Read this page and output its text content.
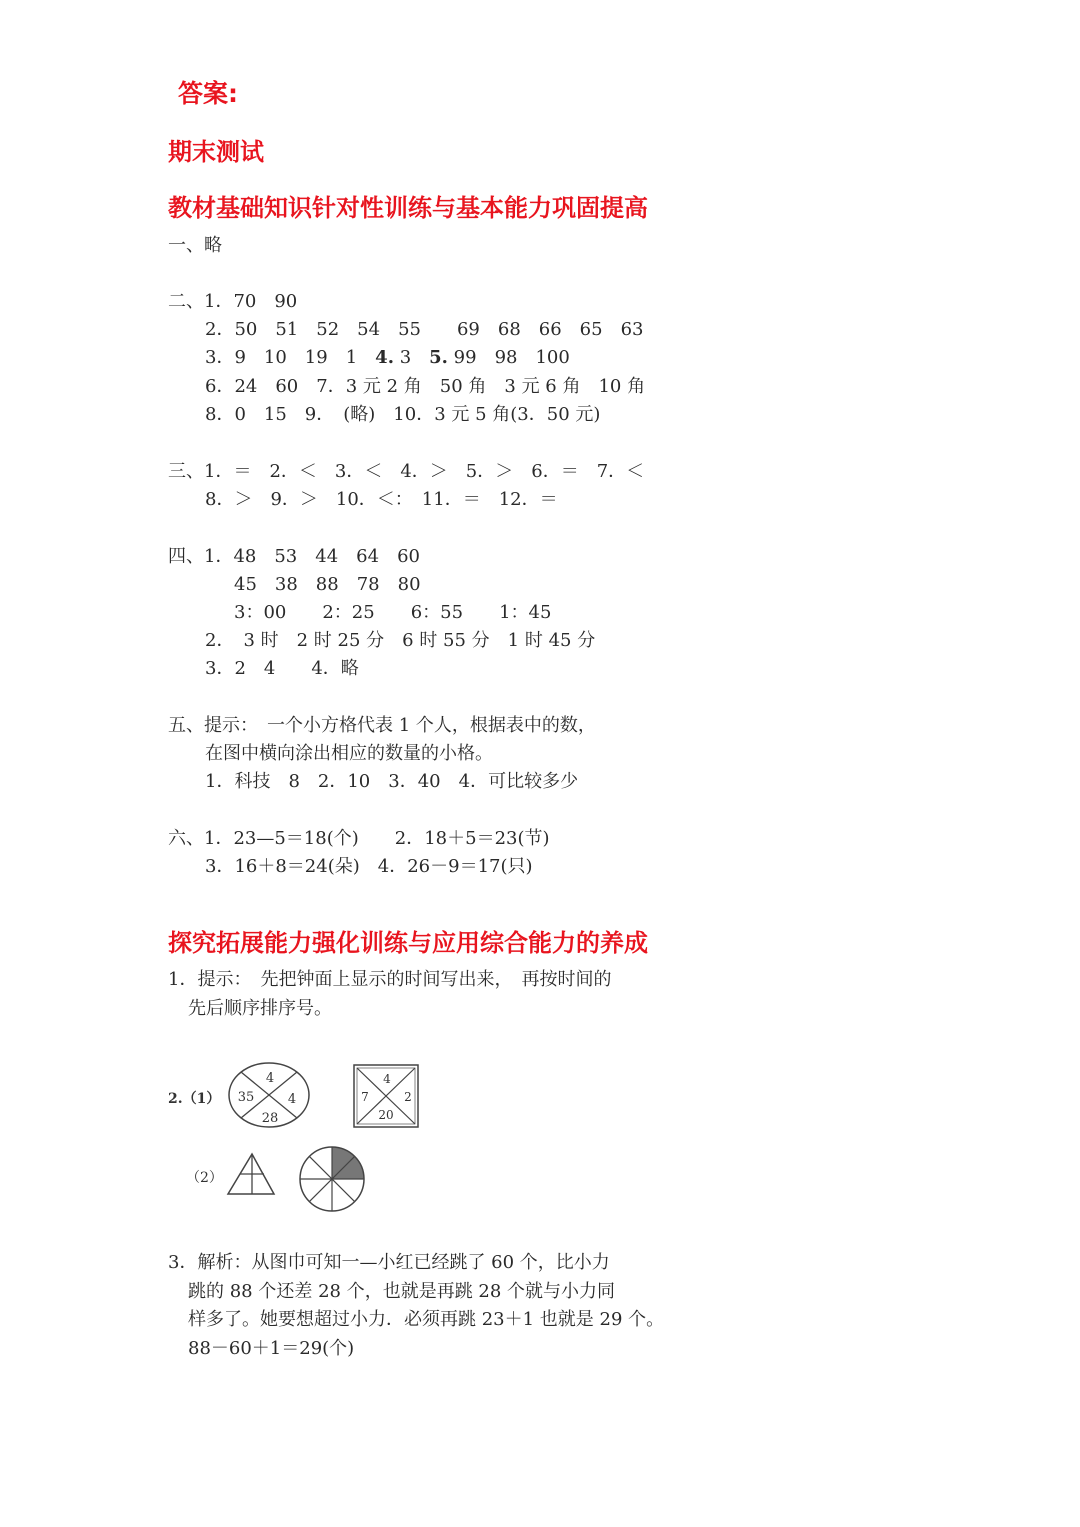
答案:
期末测试
教材基础知识针对性训练与基本能力巩固提高
一、略
二、1．70　90
2．50　51　52　54　55　　69　68　66　65　63
3．9　10　19　1　4. 3　5. 99　98　100
6．24　60　7．3 元 2 角　50 角　3 元 6 角　10 角
8．0　15　9．　(略)　10．3 元 5 角(3．50 元)
三、1．＝　2．＜　3．＜　4．＞　5．＞　6．＝　7．＜
8．＞　9．＞　10．＜：　11．＝　12．＝
四、1．48　53　44　64　60
45　38　88　78　80
3：00　　2：25　　6：55　　1：45
2．　3 时　2 时 25 分　6 时 55 分　1 时 45 分
3．2　4　　4．略
五、提示：　一个小方格代表 1 个人，根据表中的数，
在图中横向涂出相应的数量的小格。
1．科技　8　2．10　3．40　4．可比较多少
六、1．23—5＝18(个)　　2．18＋5＝23(节)
3．16＋8＝24(朵)　4．26－9＝17(只)
探究拓展能力强化训练与应用综合能力的养成
1．提示：　先把钟面上显示的时间写出来，　再按时间的
先后顺序排序号。
2.（1）
（2）
4
35	4
28
4
7	2
20
3．解析：从图巾可知一—小红已经跳了 60 个，比小力
跳的 88 个还差 28 个，也就是再跳 28 个就与小力同
样多了。她要想超过小力．必须再跳 23＋1 也就是 29 个。
88－60＋1＝29(个)
